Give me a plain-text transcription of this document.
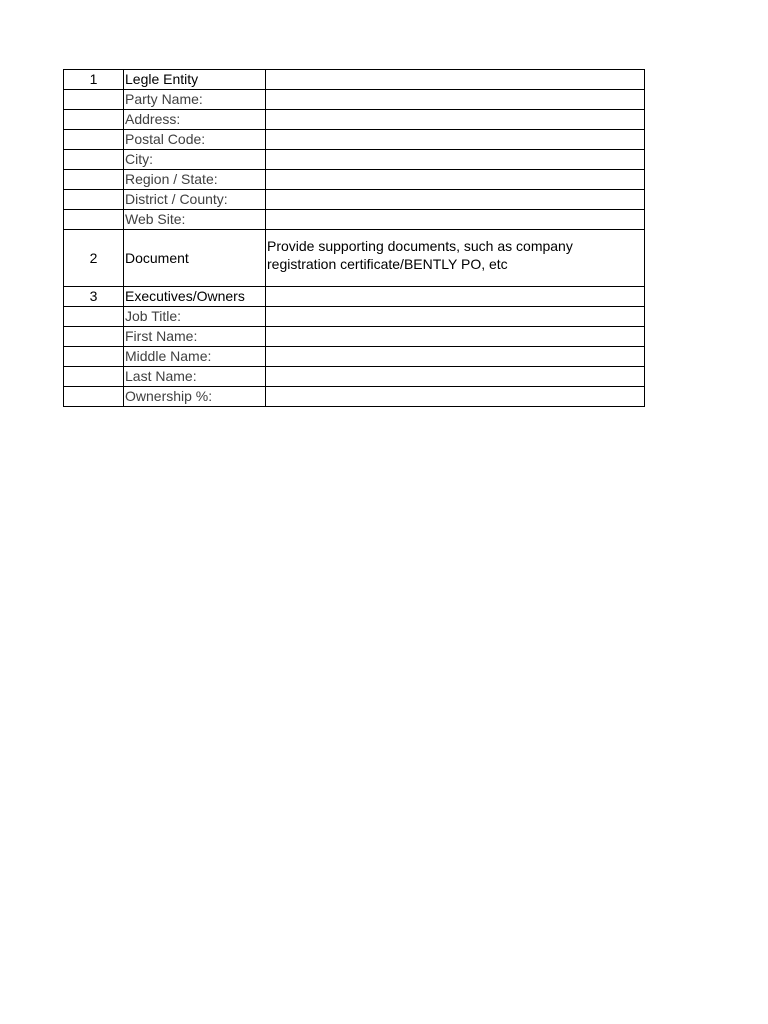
1	Legle Entity	
	Party Name:	
	Address:	
	Postal Code:	
	City:	
	Region / State:	
	District / County:	
	Web Site:	
2	Document	Provide supporting documents, such as company registration certificate/BENTLY PO, etc
3	Executives/Owners	
	Job Title:	
	First Name:	
	Middle Name:	
	Last Name:	
	Ownership %:	
